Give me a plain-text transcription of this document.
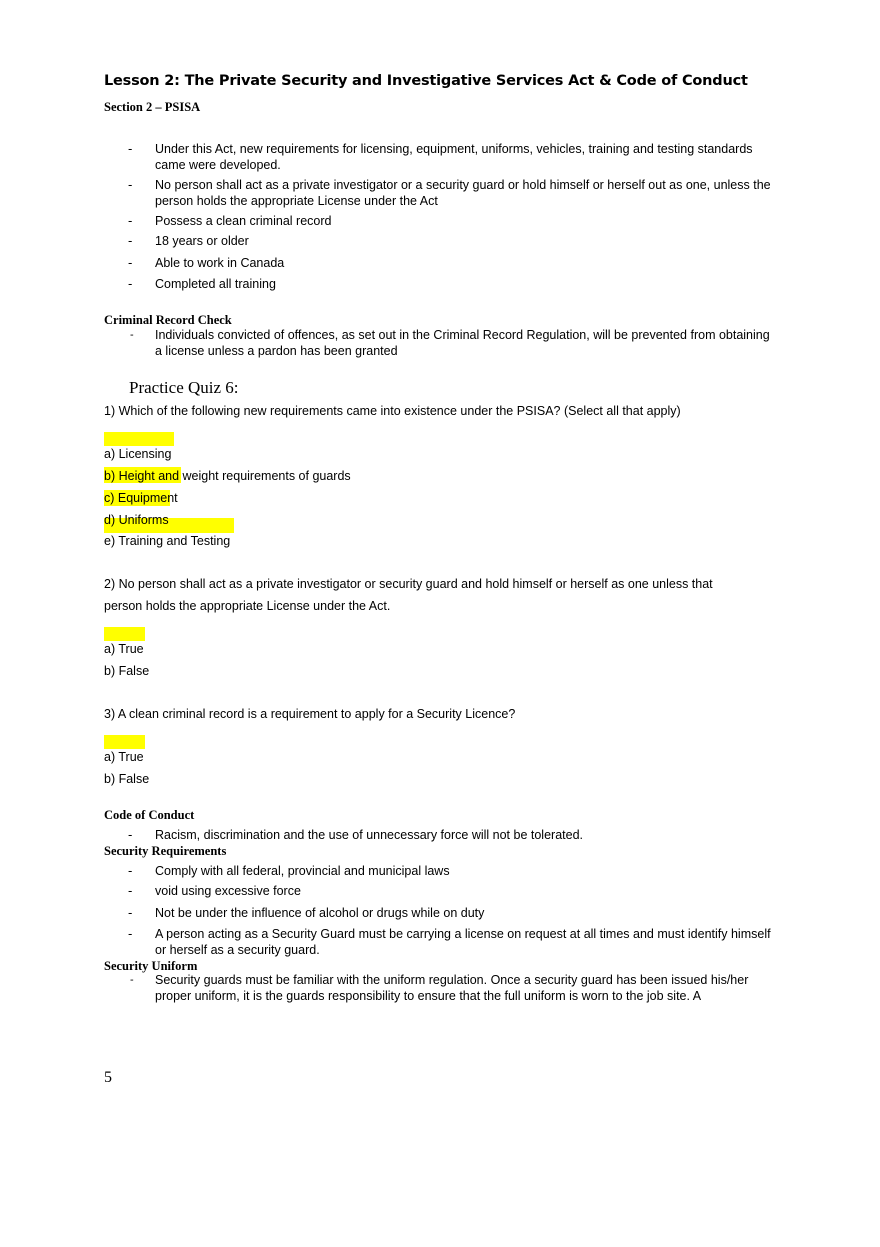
Lesson 2: The Private Security and Investigative Services Act & Code of Conduct
Section 2 – PSISA
- Under this Act, new requirements for licensing, equipment, uniforms, vehicles, training and testing standards came were developed.
- No person shall act as a private investigator or a security guard or hold himself or herself out as one, unless the person holds the appropriate License under the Act
- Possess a clean criminal record
- 18 years or older
- Able to work in Canada
- Completed all training
Criminal Record Check
- Individuals convicted of offences, as set out in the Criminal Record Regulation, will be prevented from obtaining a license unless a pardon has been granted
Practice Quiz 6:
1) Which of the following new requirements came into existence under the PSISA? (Select all that apply)
a) Licensing
b) Height and weight requirements of guards
c) Equipment
d) Uniforms
e) Training and Testing
2) No person shall act as a private investigator or security guard and hold himself or herself as one unless that
person holds the appropriate License under the Act.
a) True
b) False
3) A clean criminal record is a requirement to apply for a Security Licence?
a) True
b) False
Code of Conduct
- Racism, discrimination and the use of unnecessary force will not be tolerated.
Security Requirements
- Comply with all federal, provincial and municipal laws
- void using excessive force
- Not be under the influence of alcohol or drugs while on duty
- A person acting as a Security Guard must be carrying a license on request at all times and must identify himself or herself as a security guard.
Security Uniform
- Security guards must be familiar with the uniform regulation. Once a security guard has been issued his/her proper uniform, it is the guards responsibility to ensure that the full uniform is worn to the job site. A
5
